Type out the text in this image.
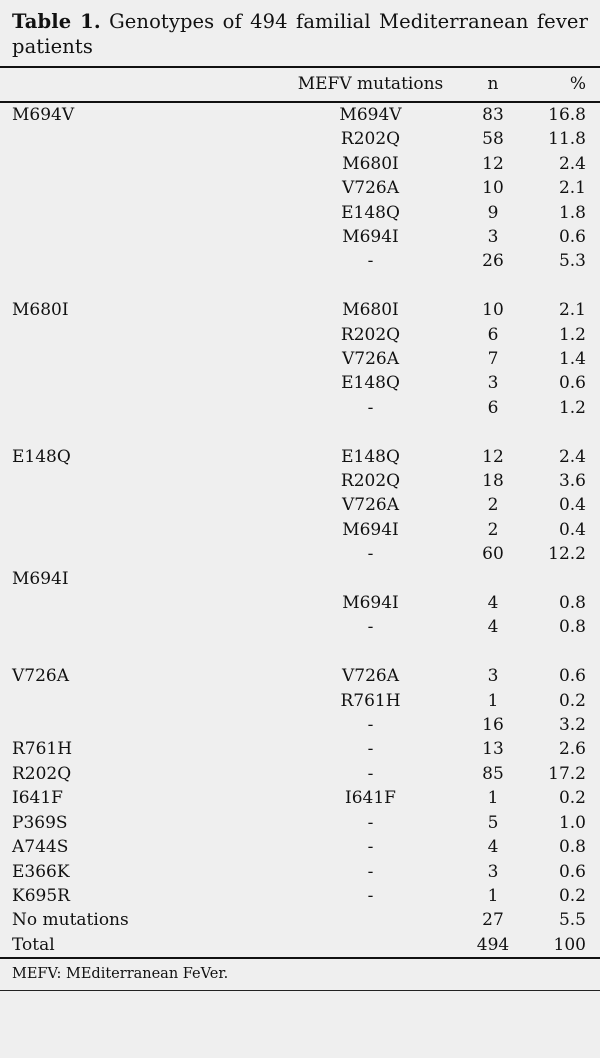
Table 1. Genotypes of 494 familial Mediterranean fever patients
	MEFV mutations	n	%
M694V	M694V	83	16.8
	R202Q	58	11.8
	M680I	12	2.4
	V726A	10	2.1
	E148Q	9	1.8
	M694I	3	0.6
	-	26	5.3

M680I	M680I	10	2.1
	R202Q	6	1.2
	V726A	7	1.4
	E148Q	3	0.6
	-	6	1.2

E148Q	E148Q	12	2.4
	R202Q	18	3.6
	V726A	2	0.4
	M694I	2	0.4
	-	60	12.2
M694I			
	M694I	4	0.8
	-	4	0.8

V726A	V726A	3	0.6
	R761H	1	0.2
	-	16	3.2
R761H	-	13	2.6
R202Q	-	85	17.2
I641F	I641F	1	0.2
P369S	-	5	1.0
A744S	-	4	0.8
E366K	-	3	0.6
K695R	-	1	0.2
No mutations		27	5.5
Total		494	100
MEFV: MEditerranean FeVer.
